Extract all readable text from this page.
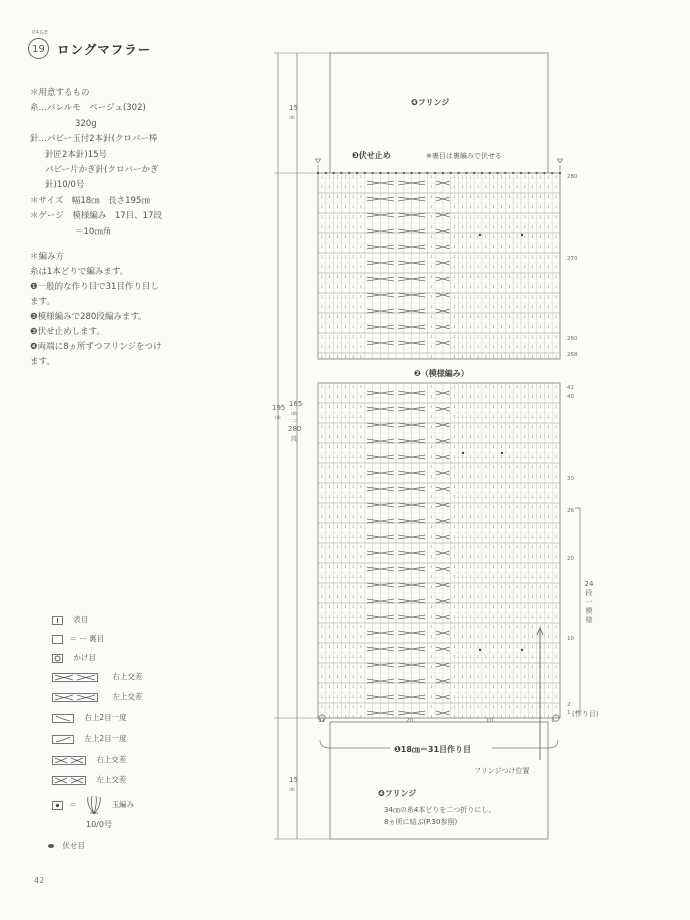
PAGE
19 ロングマフラー
＊用意するもの
糸…パレルモ　ベージュ(302)
320g
針…パピー玉付2本針(クロバー棒
針匠2本針)15号
パピー片かぎ針(クロバーかぎ
針)10/0号
＊サイズ　幅18㎝　長さ195㎝
＊ゲージ　模様編み　17目、17段
＝10㎝角
＊編み方
糸は1本どりで編みます。
❶一般的な作り目で31目作り目し
ます。
❷模様編みで280段編みます。
❸伏せ止めします。
❹両端に8ヵ所ずつフリンジをつけ
ます。
表目
＝ ー 裏目
かけ目
右上交差
左上交差
右上2目一度
左上2目一度
右上交差
左上交差
＝	玉編み
10/0号
伏せ目
❹フリンジ
❸伏せ止め	※裏目は裏編みで伏せる
❷（模様編み）
❶18㎝＝31目作り目
フリンジつけ位置
❹フリンジ
34㎝の糸4本どりを二つ折りにし、
8ヵ所に結ぶ(P.30参照)
15
㎝
195
㎝
165
㎝
＝
280
段
15
㎝
280
270
260
258
42
40
30
26
20
10
2
1 (作り目)
24段一模様
31	20	10	1
42
